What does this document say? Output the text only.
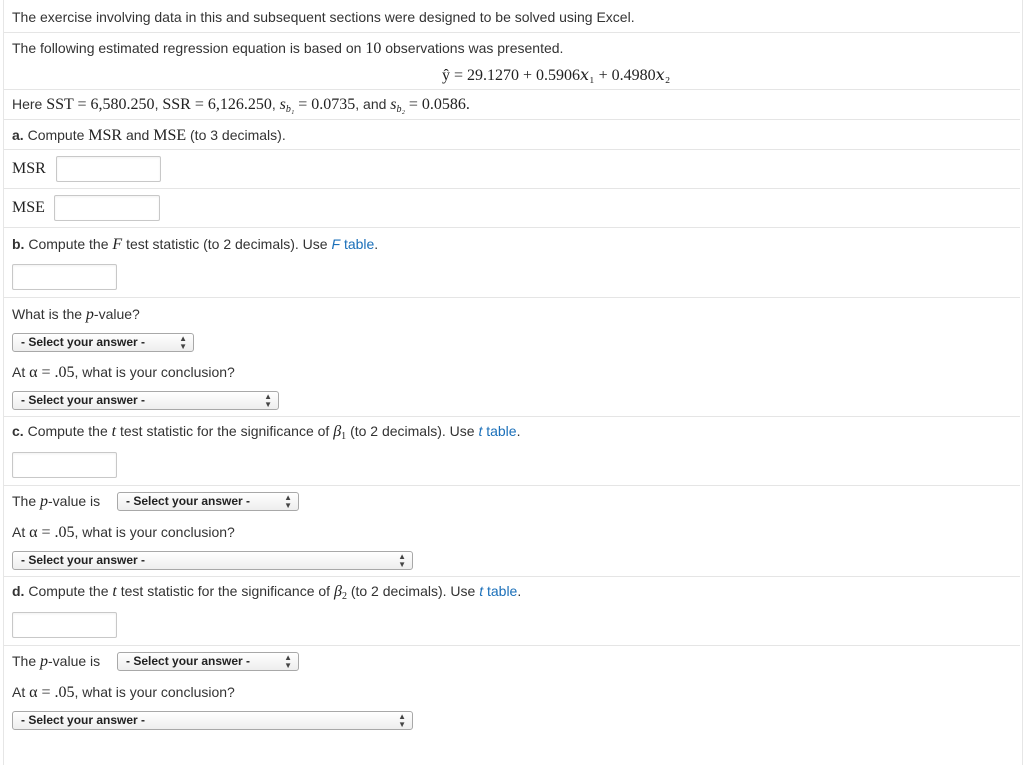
The exercise involving data in this and subsequent sections were designed to be solved using Excel.
The following estimated regression equation is based on 10 observations was presented.
ŷ = 29.1270 + 0.5906𝑥₁ + 0.4980𝑥₂
Here SST = 6,580.250, SSR = 6,126.250, $s_{b_1} = 0.0735$, and $s_{b_2} = 0.0586$.
a. Compute MSR and MSE (to 3 decimals).
MSR
MSE
b. Compute the F test statistic (to 2 decimals). Use F table.
What is the p-value?
- Select your answer -	▲
▼
At α = .05, what is your conclusion?
- Select your answer -	▲
▼
c. Compute the t test statistic for the significance of $\beta_1$ (to 2 decimals). Use t table.
The p-value is	- Select your answer -	▲
▼
At α = .05, what is your conclusion?
- Select your answer -	▲
▼
d. Compute the t test statistic for the significance of $\beta_2$ (to 2 decimals). Use t table.
The p-value is	- Select your answer -	▲
▼
At α = .05, what is your conclusion?
- Select your answer -	▲
▼
